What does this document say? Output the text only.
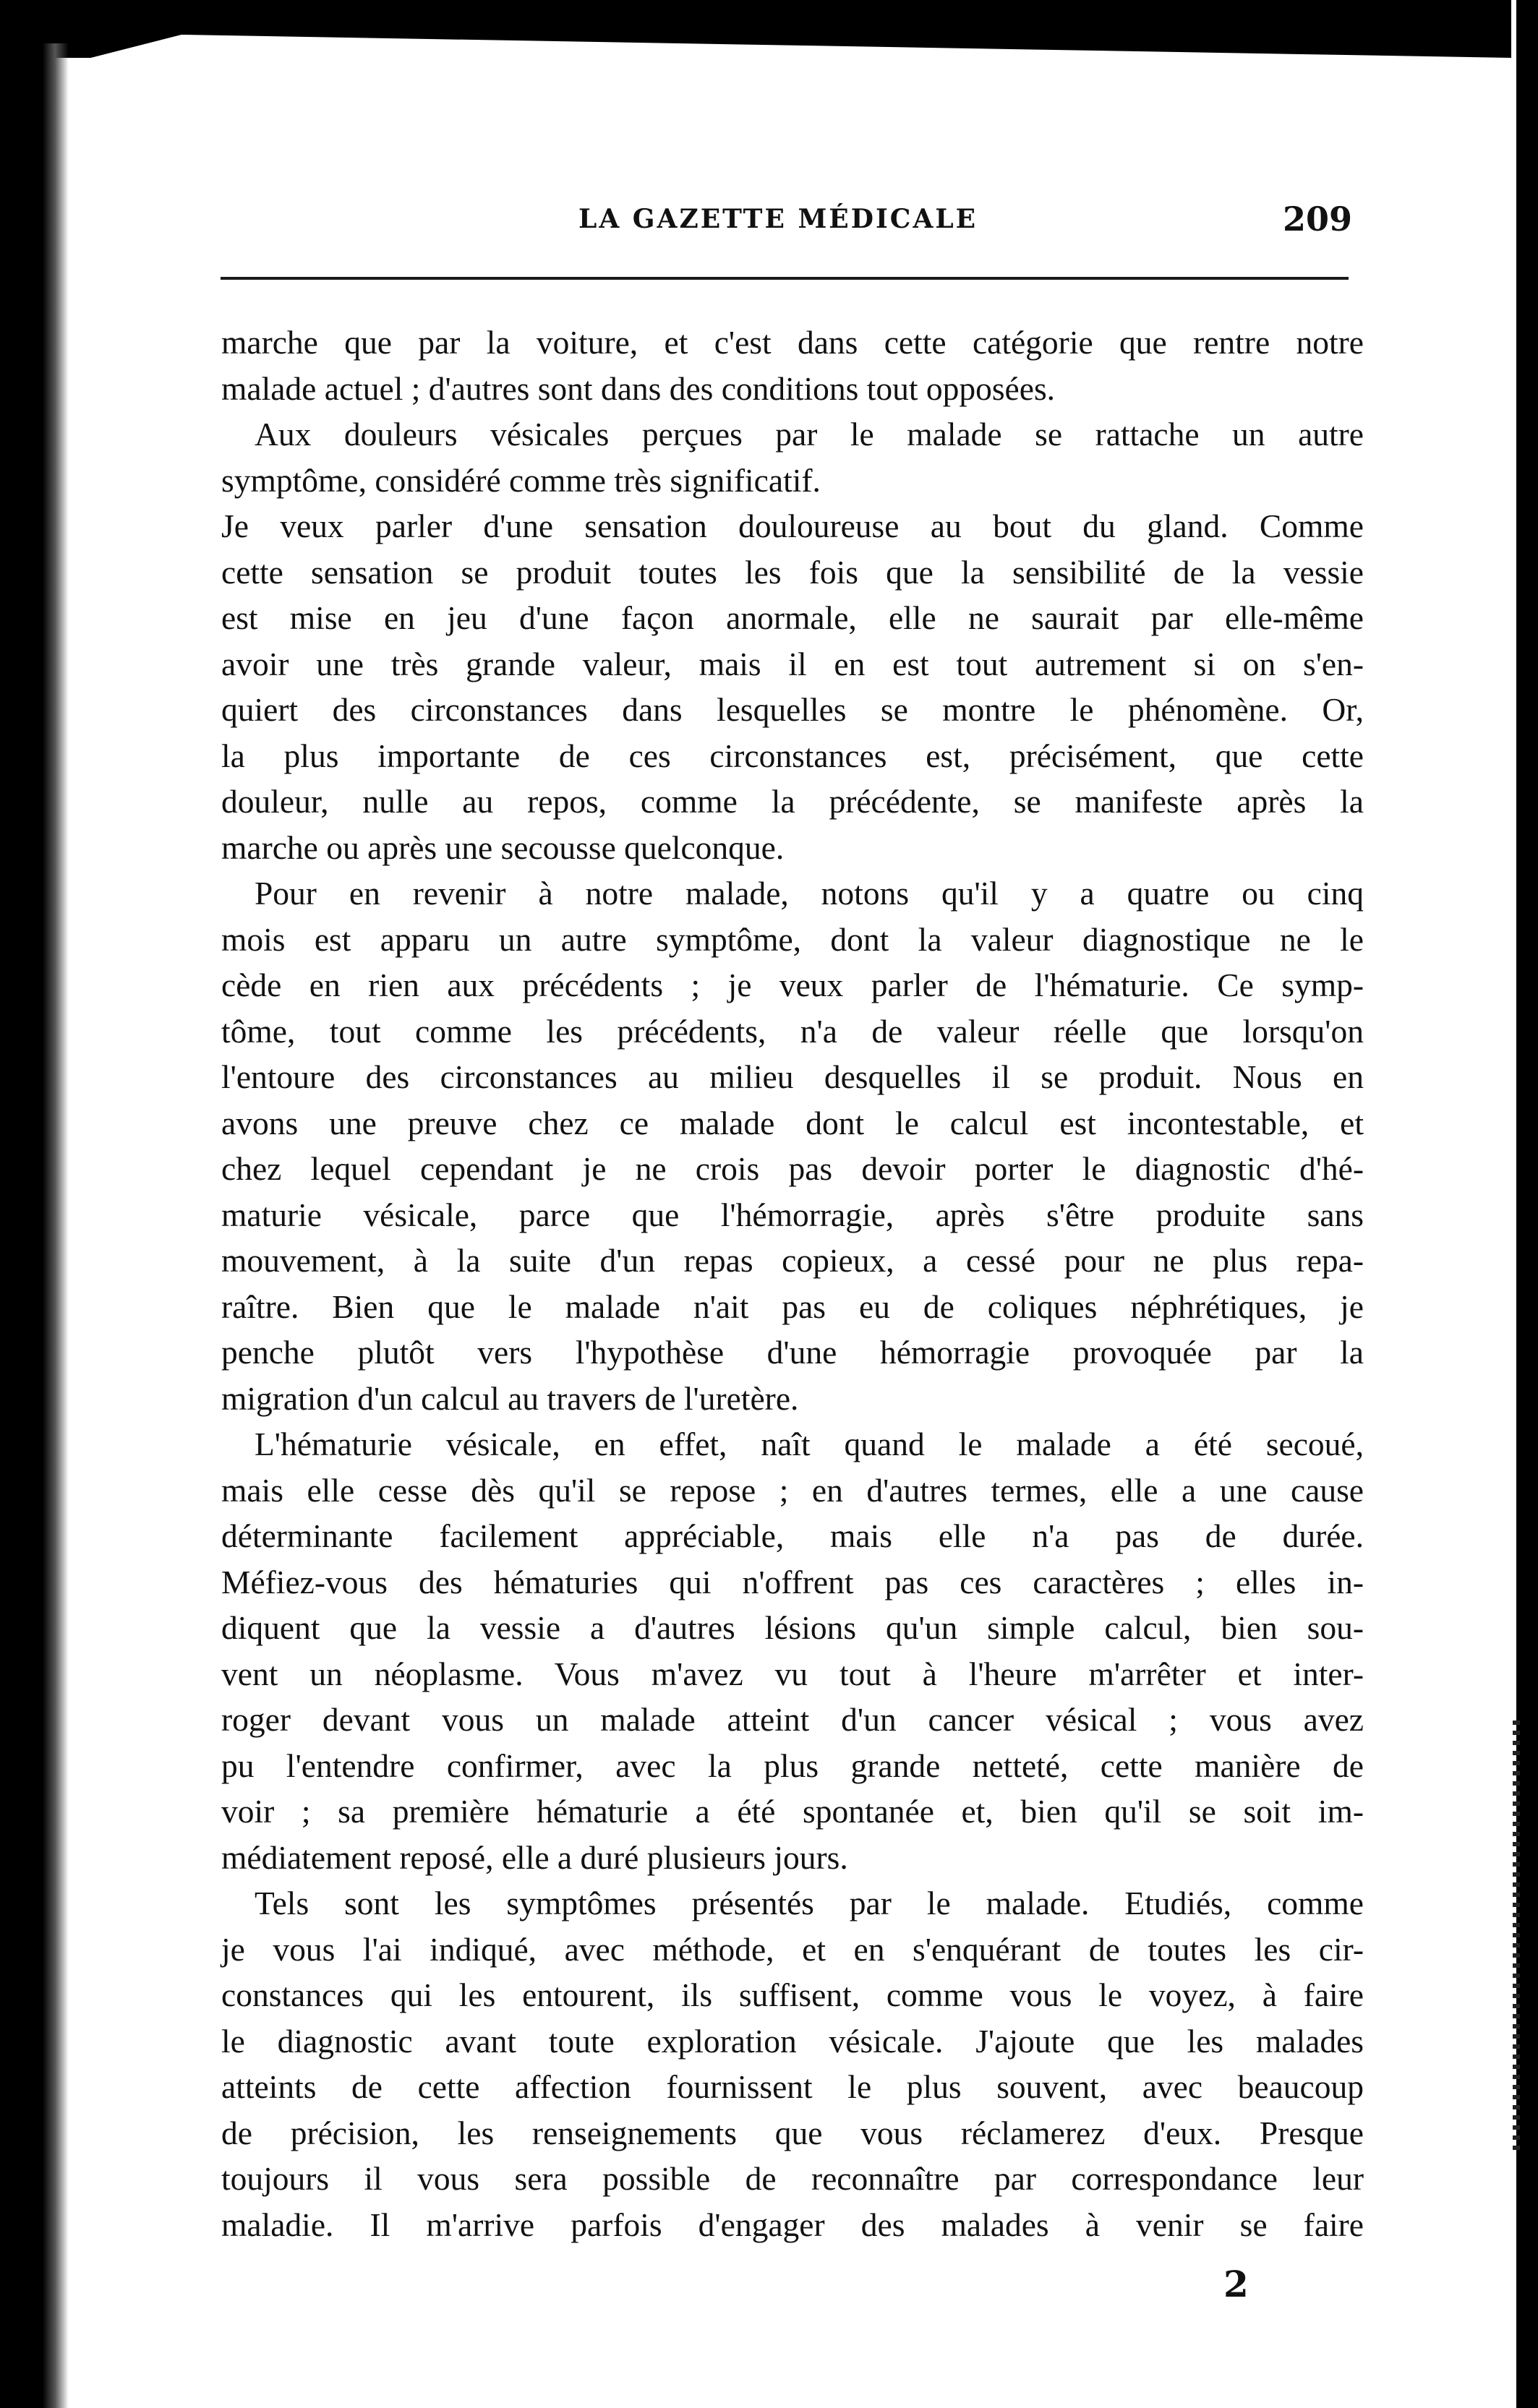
LA GAZETTE MÉDICALE	209
marche que par la voiture, et c'est dans cette catégorie que rentre notre
malade actuel ; d'autres sont dans des conditions tout opposées.
Aux douleurs vésicales perçues par le malade se rattache un autre
symptôme, considéré comme très significatif.
Je veux parler d'une sensation douloureuse au bout du gland. Comme
cette sensation se produit toutes les fois que la sensibilité de la vessie
est mise en jeu d'une façon anormale, elle ne saurait par elle-même
avoir une très grande valeur, mais il en est tout autrement si on s'en-
quiert des circonstances dans lesquelles se montre le phénomène. Or,
la plus importante de ces circonstances est, précisément, que cette
douleur, nulle au repos, comme la précédente, se manifeste après la
marche ou après une secousse quelconque.
Pour en revenir à notre malade, notons qu'il y a quatre ou cinq
mois est apparu un autre symptôme, dont la valeur diagnostique ne le
cède en rien aux précédents ; je veux parler de l'hématurie. Ce symp-
tôme, tout comme les précédents, n'a de valeur réelle que lorsqu'on
l'entoure des circonstances au milieu desquelles il se produit. Nous en
avons une preuve chez ce malade dont le calcul est incontestable, et
chez lequel cependant je ne crois pas devoir porter le diagnostic d'hé-
maturie vésicale, parce que l'hémorragie, après s'être produite sans
mouvement, à la suite d'un repas copieux, a cessé pour ne plus repa-
raître. Bien que le malade n'ait pas eu de coliques néphrétiques, je
penche plutôt vers l'hypothèse d'une hémorragie provoquée par la
migration d'un calcul au travers de l'uretère.
L'hématurie vésicale, en effet, naît quand le malade a été secoué,
mais elle cesse dès qu'il se repose ; en d'autres termes, elle a une cause
déterminante facilement appréciable, mais elle n'a pas de durée.
Méfiez-vous des hématuries qui n'offrent pas ces caractères ; elles in-
diquent que la vessie a d'autres lésions qu'un simple calcul, bien sou-
vent un néoplasme. Vous m'avez vu tout à l'heure m'arrêter et inter-
roger devant vous un malade atteint d'un cancer vésical ; vous avez
pu l'entendre confirmer, avec la plus grande netteté, cette manière de
voir ; sa première hématurie a été spontanée et, bien qu'il se soit im-
médiatement reposé, elle a duré plusieurs jours.
Tels sont les symptômes présentés par le malade. Etudiés, comme
je vous l'ai indiqué, avec méthode, et en s'enquérant de toutes les cir-
constances qui les entourent, ils suffisent, comme vous le voyez, à faire
le diagnostic avant toute exploration vésicale. J'ajoute que les malades
atteints de cette affection fournissent le plus souvent, avec beaucoup
de précision, les renseignements que vous réclamerez d'eux. Presque
toujours il vous sera possible de reconnaître par correspondance leur
maladie. Il m'arrive parfois d'engager des malades à venir se faire
2
